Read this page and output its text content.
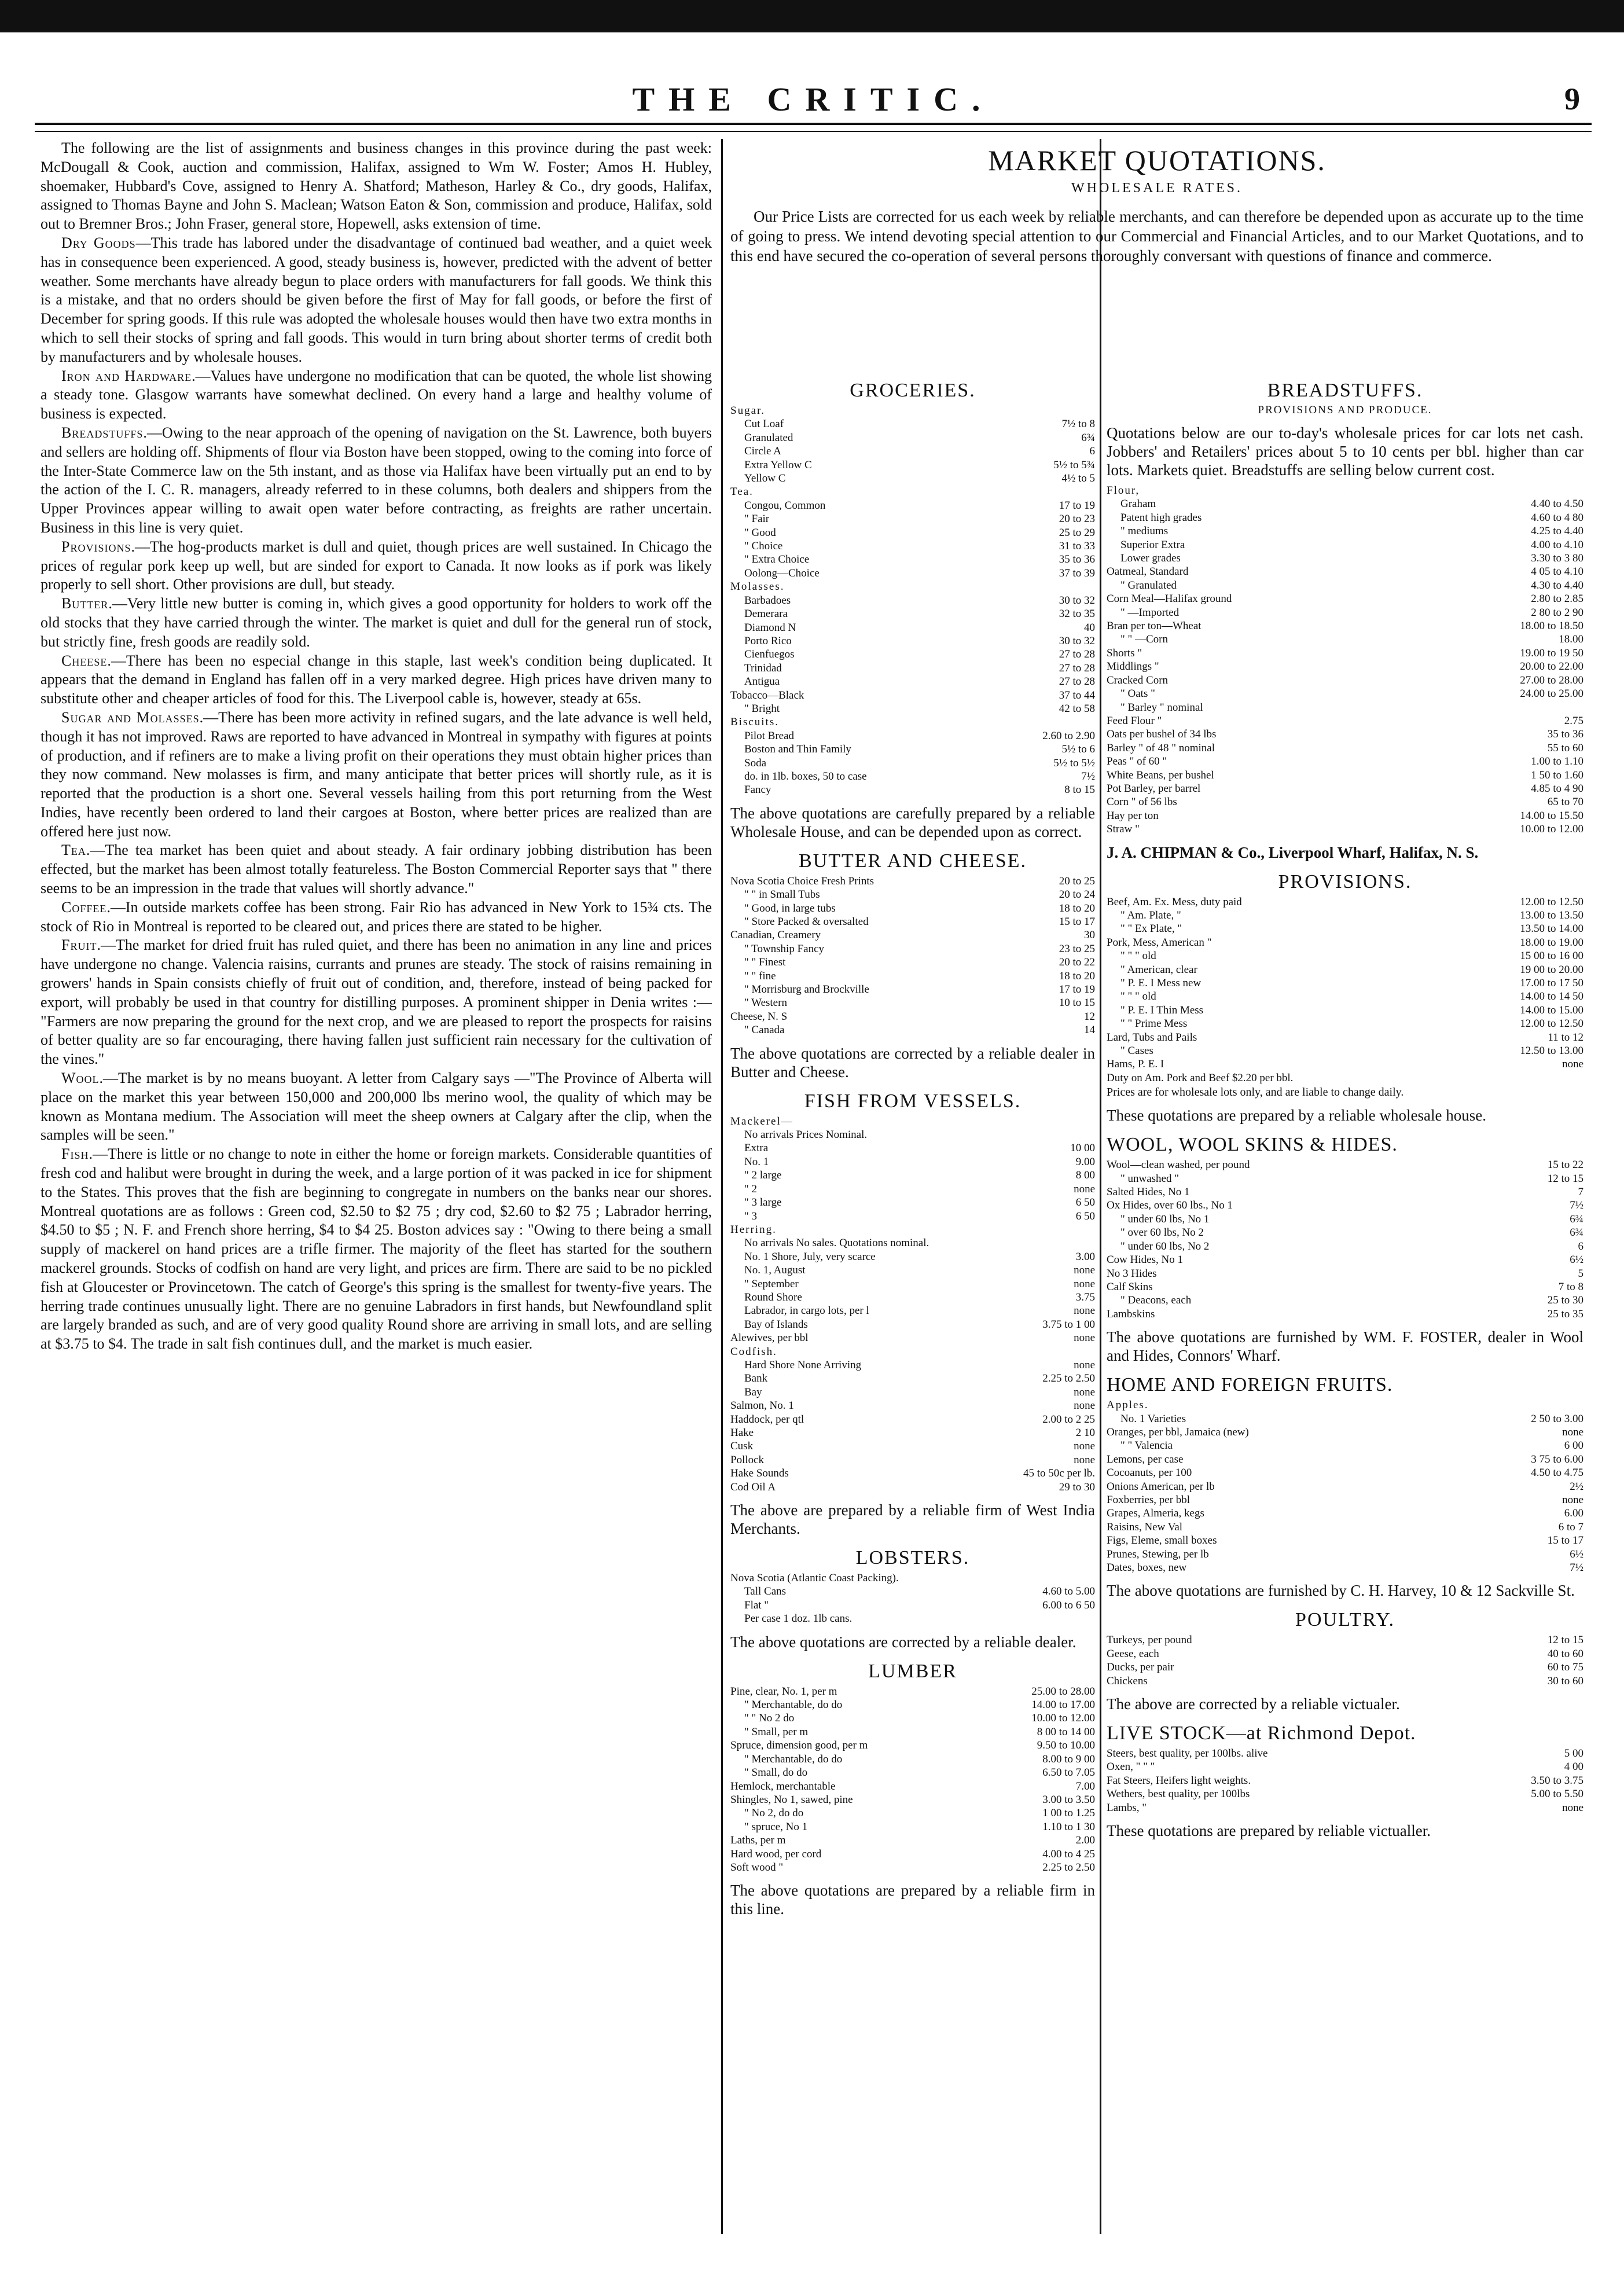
THE CRITIC.	9

The following are the list of assignments and business changes in this province during the past week: McDougall & Cook, auction and commission, Halifax, assigned to Wm W. Foster; Amos H. Hubley, shoemaker, Hubbard's Cove, assigned to Henry A. Shatford; Matheson, Harley & Co., dry goods, Halifax, assigned to Thomas Bayne and John S. Maclean; Watson Eaton & Son, commission and produce, Halifax, sold out to Bremner Bros.; John Fraser, general store, Hopewell, asks extension of time.

Dry Goods—This trade has labored under the disadvantage of continued bad weather, and a quiet week has in consequence been experienced. A good, steady business is, however, predicted with the advent of better weather. Some merchants have already begun to place orders with manufacturers for fall goods. We think this is a mistake, and that no orders should be given before the first of May for fall goods, or before the first of December for spring goods. If this rule was adopted the wholesale houses would then have two extra months in which to sell their stocks of spring and fall goods. This would in turn bring about shorter terms of credit both by manufacturers and by wholesale houses.

Iron and Hardware.—Values have undergone no modification that can be quoted, the whole list showing a steady tone. Glasgow warrants have somewhat declined. On every hand a large and healthy volume of business is expected.

Breadstuffs.—Owing to the near approach of the opening of navigation on the St. Lawrence, both buyers and sellers are holding off. Shipments of flour via Boston have been stopped, owing to the coming into force of the Inter-State Commerce law on the 5th instant, and as those via Halifax have been virtually put an end to by the action of the I. C. R. managers, already referred to in these columns, both dealers and shippers from the Upper Provinces appear willing to await open water before contracting, as freights are rather uncertain. Business in this line is very quiet.

Provisions.—The hog-products market is dull and quiet, though prices are well sustained. In Chicago the prices of regular pork keep up well, but are sinded for export to Canada. It now looks as if pork was likely properly to sell short. Other provisions are dull, but steady.

Butter.—Very little new butter is coming in, which gives a good opportunity for holders to work off the old stocks that they have carried through the winter. The market is quiet and dull for the general run of stock, but strictly fine, fresh goods are readily sold.

Cheese.—There has been no especial change in this staple, last week's condition being duplicated. It appears that the demand in England has fallen off in a very marked degree. High prices have driven many to substitute other and cheaper articles of food for this. The Liverpool cable is, however, steady at 65s.

Sugar and Molasses.—There has been more activity in refined sugars, and the late advance is well held, though it has not improved. Raws are reported to have advanced in Montreal in sympathy with figures at points of production, and if refiners are to make a living profit on their operations they must obtain higher prices than they now command. New molasses is firm, and many anticipate that better prices will shortly rule, as it is reported that the production is a short one. Several vessels hailing from this port returning from the West Indies, have recently been ordered to land their cargoes at Boston, where better prices are realized than are offered here just now.

Tea.—The tea market has been quiet and about steady. A fair ordinary jobbing distribution has been effected, but the market has been almost totally featureless. The Boston Commercial Reporter says that " there seems to be an impression in the trade that values will shortly advance."

Coffee.—In outside markets coffee has been strong. Fair Rio has advanced in New York to 15¾ cts. The stock of Rio in Montreal is reported to be cleared out, and prices there are stated to be higher.

Fruit.—The market for dried fruit has ruled quiet, and there has been no animation in any line and prices have undergone no change. Valencia raisins, currants and prunes are steady. The stock of raisins remaining in growers' hands in Spain consists chiefly of fruit out of condition, and, therefore, instead of being packed for export, will probably be used in that country for distilling purposes. A prominent shipper in Denia writes :— "Farmers are now preparing the ground for the next crop, and we are pleased to report the prospects for raisins of better quality are so far encouraging, there having fallen just sufficient rain necessary for the cultivation of the vines."

Wool.—The market is by no means buoyant. A letter from Calgary says —"The Province of Alberta will place on the market this year between 150,000 and 200,000 lbs merino wool, the quality of which may be known as Montana medium. The Association will meet the sheep owners at Calgary after the clip, when the samples will be seen."

Fish.—There is little or no change to note in either the home or foreign markets. Considerable quantities of fresh cod and halibut were brought in during the week, and a large portion of it was packed in ice for shipment to the States. This proves that the fish are beginning to congregate in numbers on the banks near our shores. Montreal quotations are as follows : Green cod, $2.50 to $2 75 ; dry cod, $2.60 to $2 75 ; Labrador herring, $4.50 to $5 ; N. F. and French shore herring, $4 to $4 25. Boston advices say : "Owing to there being a small supply of mackerel on hand prices are a trifle firmer. The majority of the fleet has started for the southern mackerel grounds. Stocks of codfish on hand are very light, and prices are firm. There are said to be no pickled fish at Gloucester or Provincetown. The catch of George's this spring is the smallest for twenty-five years. The herring trade continues unusually light. There are no genuine Labradors in first hands, but Newfoundland split are largely branded as such, and are of very good quality Round shore are arriving in small lots, and are selling at $3.75 to $4. The trade in salt fish continues dull, and the market is much easier.

MARKET QUOTATIONS.
WHOLESALE RATES.

Our Price Lists are corrected for us each week by reliable merchants, and can therefore be depended upon as accurate up to the time of going to press. We intend devoting special attention to our Commercial and Financial Articles, and to our Market Quotations, and to this end have secured the co-operation of several persons thoroughly conversant with questions of finance and commerce.

GROCERIES.
Sugar.	
Cut Loaf	7½ to 8
Granulated	6¾
Circle A	6
Extra Yellow C	5½ to 5¾
Yellow C	4½ to 5
Tea.	
Congou, Common	17 to 19
" Fair	20 to 23
" Good	25 to 29
" Choice	31 to 33
" Extra Choice	35 to 36
Oolong—Choice	37 to 39
Molasses.	
Barbadoes	30 to 32
Demerara	32 to 35
Diamond N	40
Porto Rico	30 to 32
Cienfuegos	27 to 28
Trinidad	27 to 28
Antigua	27 to 28
Tobacco—Black	37 to 44
" Bright	42 to 58
Biscuits.	
Pilot Bread	2.60 to 2.90
Boston and Thin Family	5½ to 6
Soda	5½ to 5½
do. in 1lb. boxes, 50 to case	7½
Fancy	8 to 15

The above quotations are carefully prepared by a reliable Wholesale House, and can be depended upon as correct.

BUTTER AND CHEESE.
Nova Scotia Choice Fresh Prints	20 to 25
" " in Small Tubs	20 to 24
" Good, in large tubs	18 to 20
" Store Packed & oversalted	15 to 17
Canadian, Creamery	30
" Township Fancy	23 to 25
" " Finest	20 to 22
" " fine	18 to 20
" Morrisburg and Brockville	17 to 19
" Western	10 to 15
Cheese, N. S	12
" Canada	14

The above quotations are corrected by a reliable dealer in Butter and Cheese.

FISH FROM VESSELS.
Mackerel—	
No arrivals Prices Nominal.	
Extra	10 00
No. 1	9.00
" 2 large	8 00
" 2	none
" 3 large	6 50
" 3	6 50
Herring.	
No arrivals No sales. Quotations nominal.	
No. 1 Shore, July, very scarce	3.00
No. 1, August	none
" September	none
Round Shore	3.75
Labrador, in cargo lots, per l	none
Bay of Islands	3.75 to 1 00
Alewives, per bbl	none
Codfish.	
Hard Shore None Arriving	none
Bank	2.25 to 2.50
Bay	none
Salmon, No. 1	none
Haddock, per qtl	2.00 to 2 25
Hake	2 10
Cusk	none
Pollock	none
Hake Sounds	45 to 50c per lb.
Cod Oil A	29 to 30

The above are prepared by a reliable firm of West India Merchants.

LOBSTERS.
Nova Scotia (Atlantic Coast Packing).	
Tall Cans	4.60 to 5.00
Flat "	6.00 to 6 50
Per case 1 doz. 1lb cans.	

The above quotations are corrected by a reliable dealer.

LUMBER
Pine, clear, No. 1, per m	25.00 to 28.00
" Merchantable, do do	14.00 to 17.00
" " No 2 do	10.00 to 12.00
" Small, per m	8 00 to 14 00
Spruce, dimension good, per m	9.50 to 10.00
" Merchantable, do do	8.00 to 9 00
" Small, do do	6.50 to 7.05
Hemlock, merchantable	7.00
Shingles, No 1, sawed, pine	3.00 to 3.50
" No 2, do do	1 00 to 1.25
" spruce, No 1	1.10 to 1 30
Laths, per m	2.00
Hard wood, per cord	4.00 to 4 25
Soft wood "	2.25 to 2.50

The above quotations are prepared by a reliable firm in this line.

BREADSTUFFS.
PROVISIONS AND PRODUCE.

Quotations below are our to-day's wholesale prices for car lots net cash. Jobbers' and Retailers' prices about 5 to 10 cents per bbl. higher than car lots. Markets quiet. Breadstuffs are selling below current cost.

Flour,	
Graham	4.40 to 4.50
Patent high grades	4.60 to 4 80
" mediums	4.25 to 4.40
Superior Extra	4.00 to 4.10
Lower grades	3.30 to 3 80
Oatmeal, Standard	4 05 to 4.10
" Granulated	4.30 to 4.40
Corn Meal—Halifax ground	2.80 to 2.85
" —Imported	2 80 to 2 90
Bran per ton—Wheat	18.00 to 18.50
" " —Corn	18.00
Shorts "	19.00 to 19 50
Middlings "	20.00 to 22.00
Cracked Corn	27.00 to 28.00
" Oats "	24.00 to 25.00
" Barley " nominal	
Feed Flour "	2.75
Oats per bushel of 34 lbs	35 to 36
Barley " of 48 " nominal	55 to 60
Peas " of 60 "	1.00 to 1.10
White Beans, per bushel	1 50 to 1.60
Pot Barley, per barrel	4.85 to 4 90
Corn " of 56 lbs	65 to 70
Hay per ton	14.00 to 15.50
Straw "	10.00 to 12.00

J. A. CHIPMAN & Co., Liverpool Wharf, Halifax, N. S.

PROVISIONS.
Beef, Am. Ex. Mess, duty paid	12.00 to 12.50
" Am. Plate, "	13.00 to 13.50
" " Ex Plate, "	13.50 to 14.00
Pork, Mess, American "	18.00 to 19.00
" " " old	15 00 to 16 00
" American, clear	19 00 to 20.00
" P. E. I Mess new	17.00 to 17 50
" " " old	14.00 to 14 50
" P. E. I Thin Mess	14.00 to 15.00
" " Prime Mess	12.00 to 12.50
Lard, Tubs and Pails	11 to 12
" Cases	12.50 to 13.00
Hams, P. E. I	none
Duty on Am. Pork and Beef $2.20 per bbl.	

Prices are for wholesale lots only, and are liable to change daily.

These quotations are prepared by a reliable wholesale house.

WOOL, WOOL SKINS & HIDES.
Wool—clean washed, per pound	15 to 22
" unwashed "	12 to 15
Salted Hides, No 1	7
Ox Hides, over 60 lbs., No 1	7½
" under 60 lbs, No 1	6¾
" over 60 lbs, No 2	6¾
" under 60 lbs, No 2	6
Cow Hides, No 1	6½
No 3 Hides	5
Calf Skins	7 to 8
" Deacons, each	25 to 30
Lambskins	25 to 35

The above quotations are furnished by WM. F. FOSTER, dealer in Wool and Hides, Connors' Wharf.

HOME AND FOREIGN FRUITS.
Apples.	
No. 1 Varieties	2 50 to 3.00
Oranges, per bbl, Jamaica (new)	none
" " Valencia	6 00
Lemons, per case	3 75 to 6.00
Cocoanuts, per 100	4.50 to 4.75
Onions American, per lb	2½
Foxberries, per bbl	none
Grapes, Almeria, kegs	6.00
Raisins, New Val	6 to 7
Figs, Eleme, small boxes	15 to 17
Prunes, Stewing, per lb	6½
Dates, boxes, new	7½

The above quotations are furnished by C. H. Harvey, 10 & 12 Sackville St.

POULTRY.
Turkeys, per pound	12 to 15
Geese, each	40 to 60
Ducks, per pair	60 to 75
Chickens	30 to 60

The above are corrected by a reliable victualer.

LIVE STOCK—at Richmond Depot.
Steers, best quality, per 100lbs. alive	5 00
Oxen, " " "	4 00
Fat Steers, Heifers light weights.	3.50 to 3.75
Wethers, best quality, per 100lbs	5.00 to 5.50
Lambs, "	none

These quotations are prepared by reliable victualler.
